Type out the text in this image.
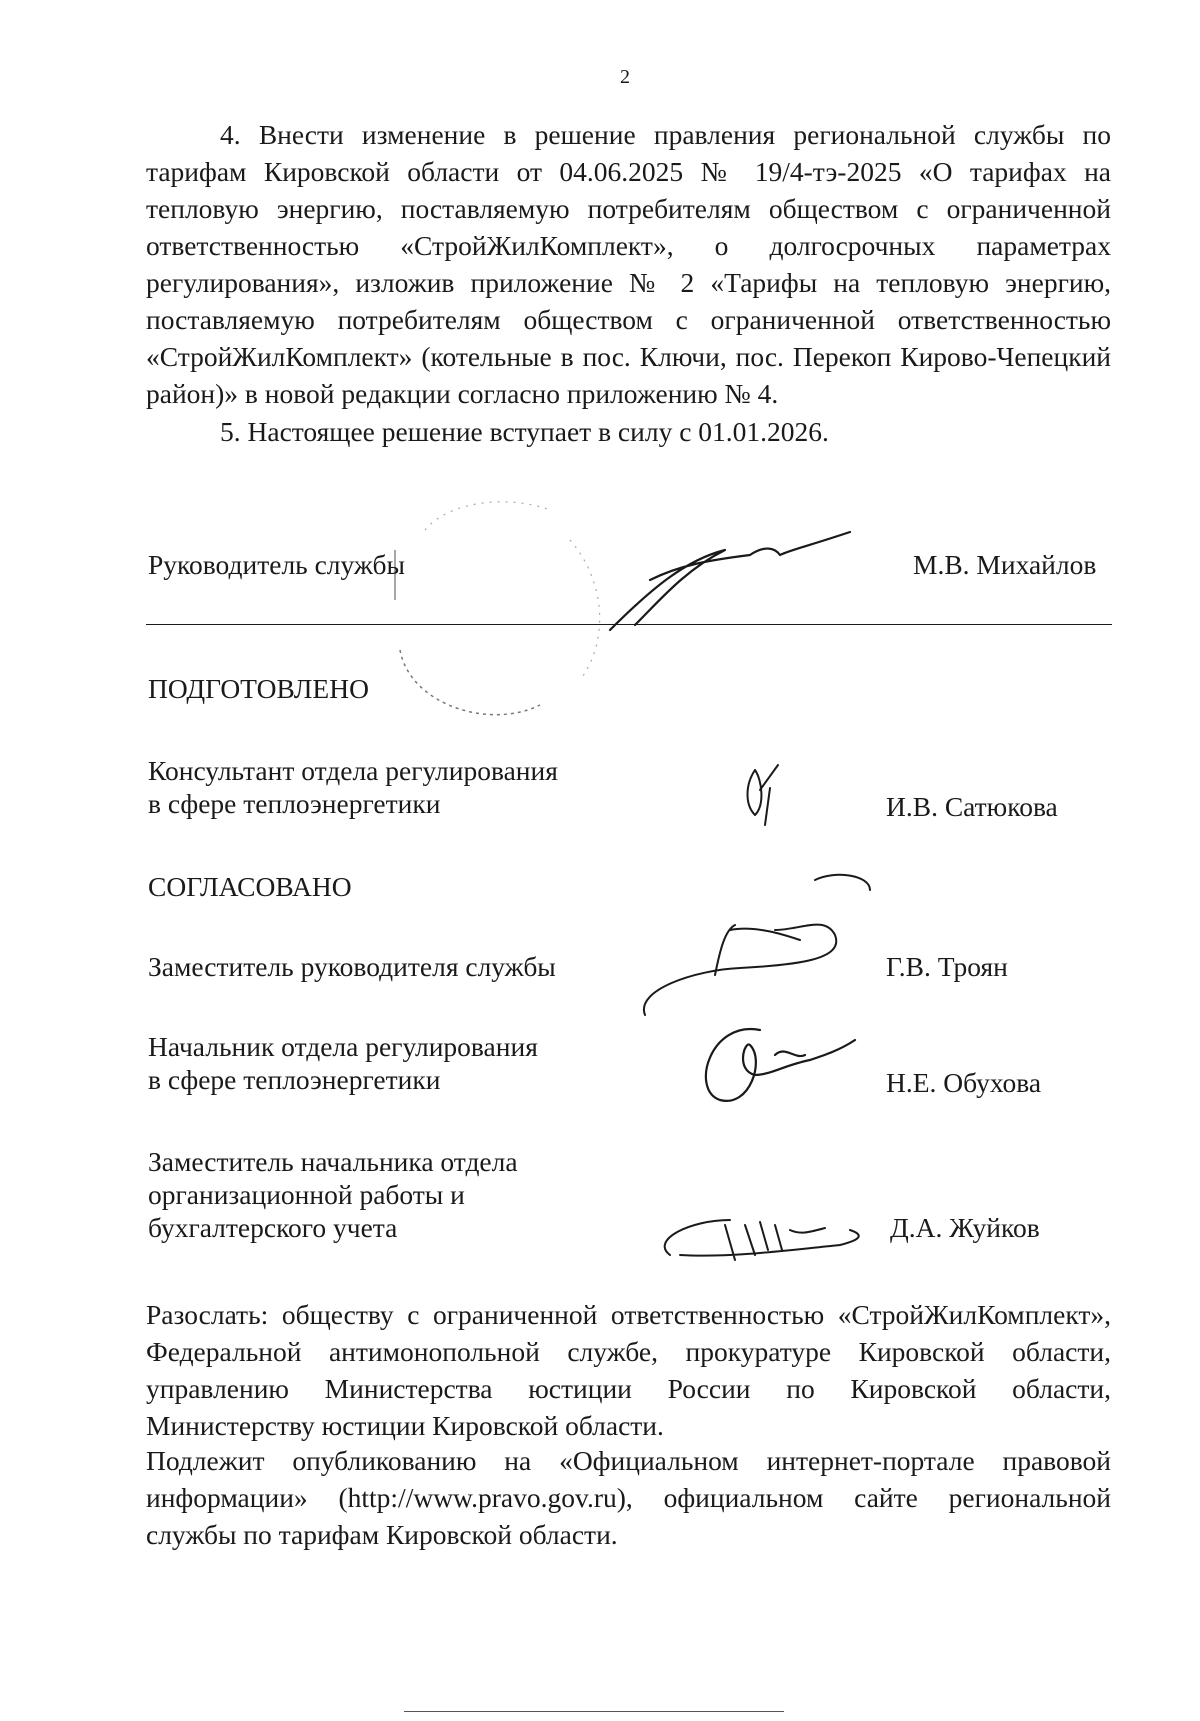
2

4. Внести изменение в решение правления региональной службы по тарифам Кировской области от 04.06.2025 № 19/4-тэ-2025 «О тарифах на тепловую энергию, поставляемую потребителям обществом с ограниченной ответственностью «СтройЖилКомплект», о долгосрочных параметрах регулирования», изложив приложение № 2 «Тарифы на тепловую энергию, поставляемую потребителям обществом с ограниченной ответственностью «СтройЖилКомплект» (котельные в пос. Ключи, пос. Перекоп Кирово-Чепецкий район)» в новой редакции согласно приложению № 4.

5. Настоящее решение вступает в силу с 01.01.2026.

Руководитель службы	М.В. Михайлов
ПОДГОТОВЛЕНО
Консультант отдела регулирования
в сфере теплоэнергетики	И.В. Сатюкова
СОГЛАСОВАНО
Заместитель руководителя службы	Г.В. Троян
Начальник отдела регулирования
в сфере теплоэнергетики	Н.Е. Обухова
Заместитель начальника отдела
организационной работы и
бухгалтерского учета	Д.А. Жуйков

Разослать: обществу с ограниченной ответственностью «СтройЖилКомплект», Федеральной антимонопольной службе, прокуратуре Кировской области, управлению Министерства юстиции России по Кировской области, Министерству юстиции Кировской области.

Подлежит опубликованию на «Официальном интернет-портале правовой информации» (http://www.pravo.gov.ru), официальном сайте региональной службы по тарифам Кировской области.
